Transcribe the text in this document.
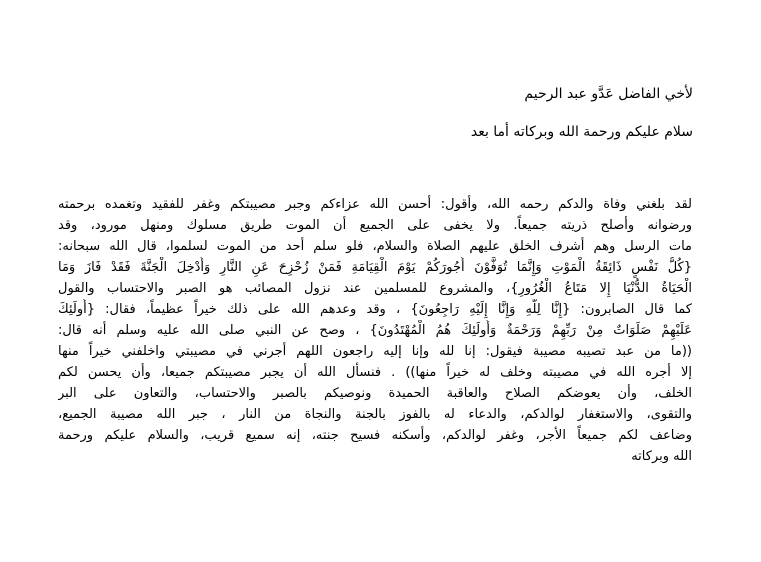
لأخي الفاضل عَدَّو عبد الرحيم
سلام عليكم ورحمة الله وبركاته أما بعد
لقد بلغني وفاة والدكم رحمه الله، وأقول: أحسن الله عزاءكم وجبر مصيبتكم وغفر للفقيد وتغمده برحمته
ورضوانه وأصلح ذريته جميعاً. ولا يخفى على الجميع أن الموت طريق مسلوك ومنهل مورود، وقد
مات الرسل وهم أشرف الخلق عليهم الصلاة والسلام، فلو سلم أحد من الموت لسلموا، قال الله سبحانه:
{كُلُّ نَفْسٍ ذَائِقَةُ الْمَوْتِ وَإِنَّمَا تُوَفَّوْنَ أُجُورَكُمْ يَوْمَ الْقِيَامَةِ فَمَنْ زُحْزِحَ عَنِ النَّارِ وَأُدْخِلَ الْجَنَّةَ فَقَدْ فَازَ وَمَا
الْحَيَاةُ الدُّنْيَا إِلا مَتَاعُ الْغُرُورِ}، والمشروع للمسلمين عند نزول المصائب هو الصبر والاحتساب والقول
كما قال الصابرون: {إِنَّا لِلَّهِ وَإِنَّا إِلَيْهِ رَاجِعُونَ} ، وقد وعدهم الله على ذلك خيراً عظيماً، فقال: {أُولَئِكَ
عَلَيْهِمْ صَلَوَاتٌ مِنْ رَبِّهِمْ وَرَحْمَةٌ وَأُولَئِكَ هُمُ الْمُهْتَدُونَ} ، وصح عن النبي صلى الله عليه وسلم أنه قال:
((ما من عبد تصيبه مصيبة فيقول: إنا لله وإنا إليه راجعون اللهم أجرني في مصيبتي واخلفني خيراً منها
إلا أجره الله في مصيبته وخلف له خيراً منها)) . فنسأل الله أن يجبر مصيبتكم جميعا، وأن يحسن لكم
الخلف، وأن يعوضكم الصلاح والعاقبة الحميدة ونوصيكم بالصبر والاحتساب، والتعاون على البر
والتقوى، والاستغفار لوالدكم، والدعاء له بالفوز بالجنة والنجاة من النار ، جبر الله مصيبة الجميع،
وضاعف لكم جميعاً الأجر، وغفر لوالدكم، وأسكنه فسيح جنته، إنه سميع قريب، والسلام عليكم ورحمة
الله وبركاته
